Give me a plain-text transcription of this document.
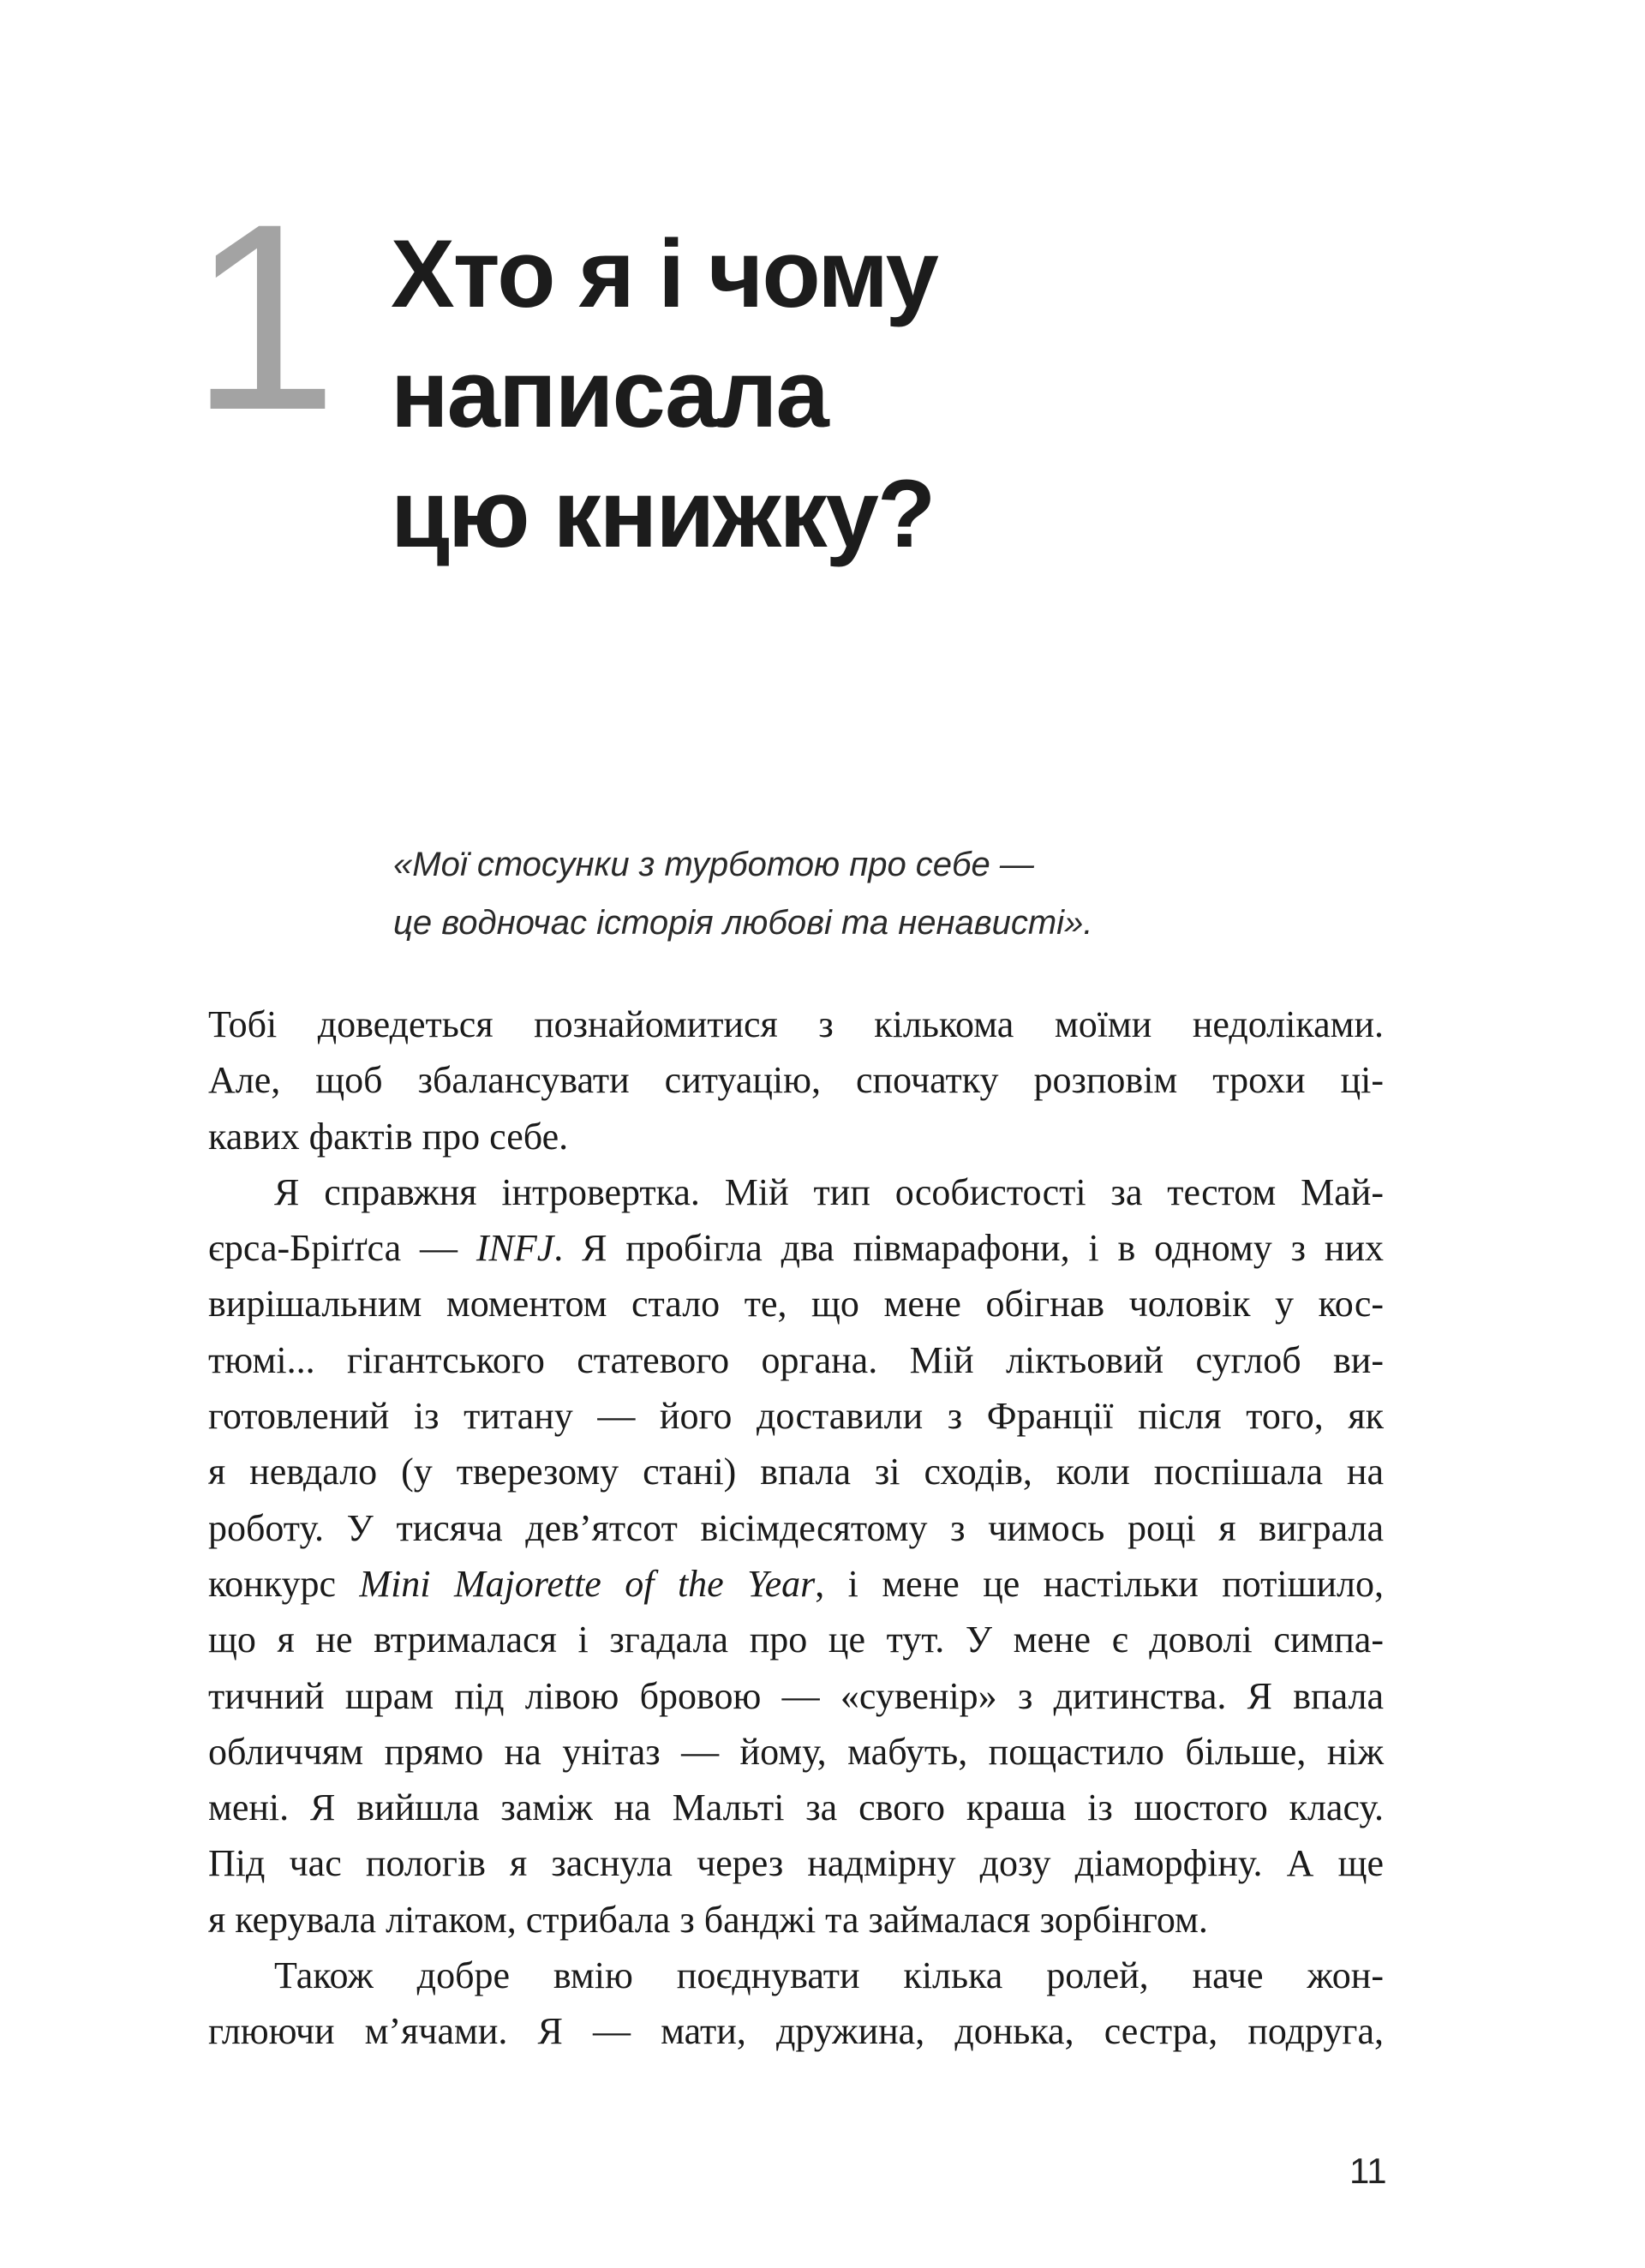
1 Хто я і чому
написала
цю книжку?
«Мої стосунки з турботою про себе —
це водночас історія любові та ненависті».
Тобі доведеться познайомитися з кількома моїми недоліками.
Але, щоб збалансувати ситуацію, спочатку розповім трохи ці-
кавих фактів про себе.
Я справжня інтровертка. Мій тип особистості за тестом Май-
єрса-Бріґґса — INFJ. Я пробігла два півмарафони, і в одному з них
вирішальним моментом стало те, що мене обігнав чоловік у кос-
тюмі... гігантського статевого органа. Мій ліктьовий суглоб ви-
готовлений із титану — його доставили з Франції після того, як
я невдало (у тверезому стані) впала зі сходів, коли поспішала на
роботу. У тисяча дев’ятсот вісімдесятому з чимось році я виграла
конкурс Mini Majorette of the Year, і мене це настільки потішило,
що я не втрималася і згадала про це тут. У мене є доволі симпа-
тичний шрам під лівою бровою — «сувенір» з дитинства. Я впала
обличчям прямо на унітаз — йому, мабуть, пощастило більше, ніж
мені. Я вийшла заміж на Мальті за свого краша із шостого класу.
Під час пологів я заснула через надмірну дозу діаморфіну. А ще
я керувала літаком, стрибала з банджі та займалася зорбінгом.
Також добре вмію поєднувати кілька ролей, наче жон-
глюючи м’ячами. Я — мати, дружина, донька, сестра, подруга,
11
